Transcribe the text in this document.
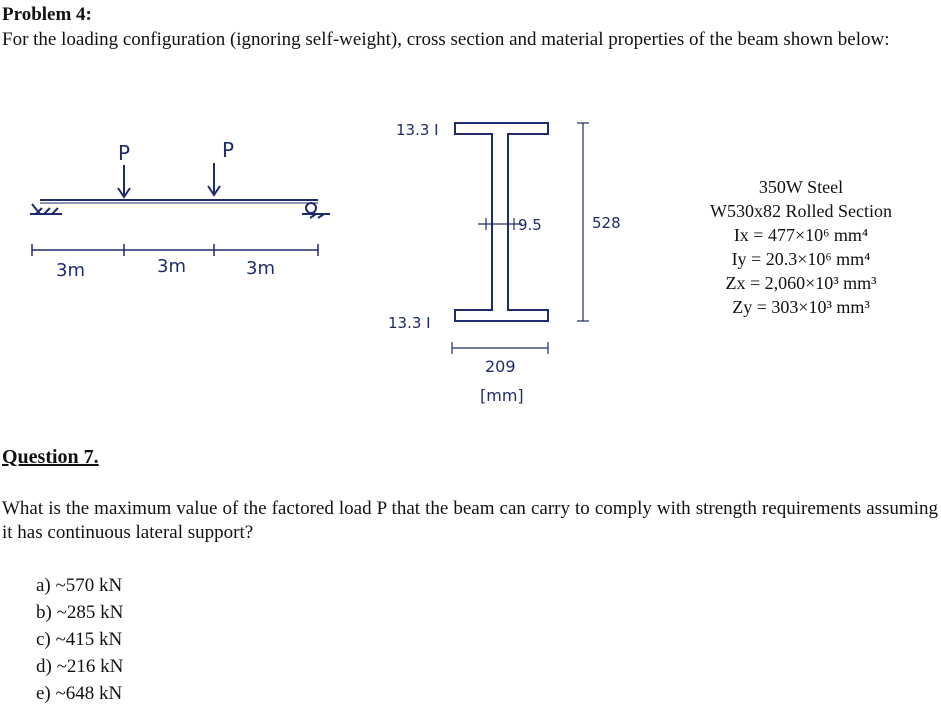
Problem 4:
For the loading configuration (ignoring self-weight), cross section and material properties of the beam shown below:
P	P
3m	3m	3m
13.3 I
13.3 I
9.5	528
209
[mm]
350W Steel
W530x82 Rolled Section
Ix = 477×10⁶ mm⁴
Iy = 20.3×10⁶ mm⁴
Zx = 2,060×10³ mm³
Zy = 303×10³ mm³
Question 7.
What is the maximum value of the factored load P that the beam can carry to comply with strength requirements assuming it has continuous lateral support?
a) ~570 kN
b) ~285 kN
c) ~415 kN
d) ~216 kN
e) ~648 kN
